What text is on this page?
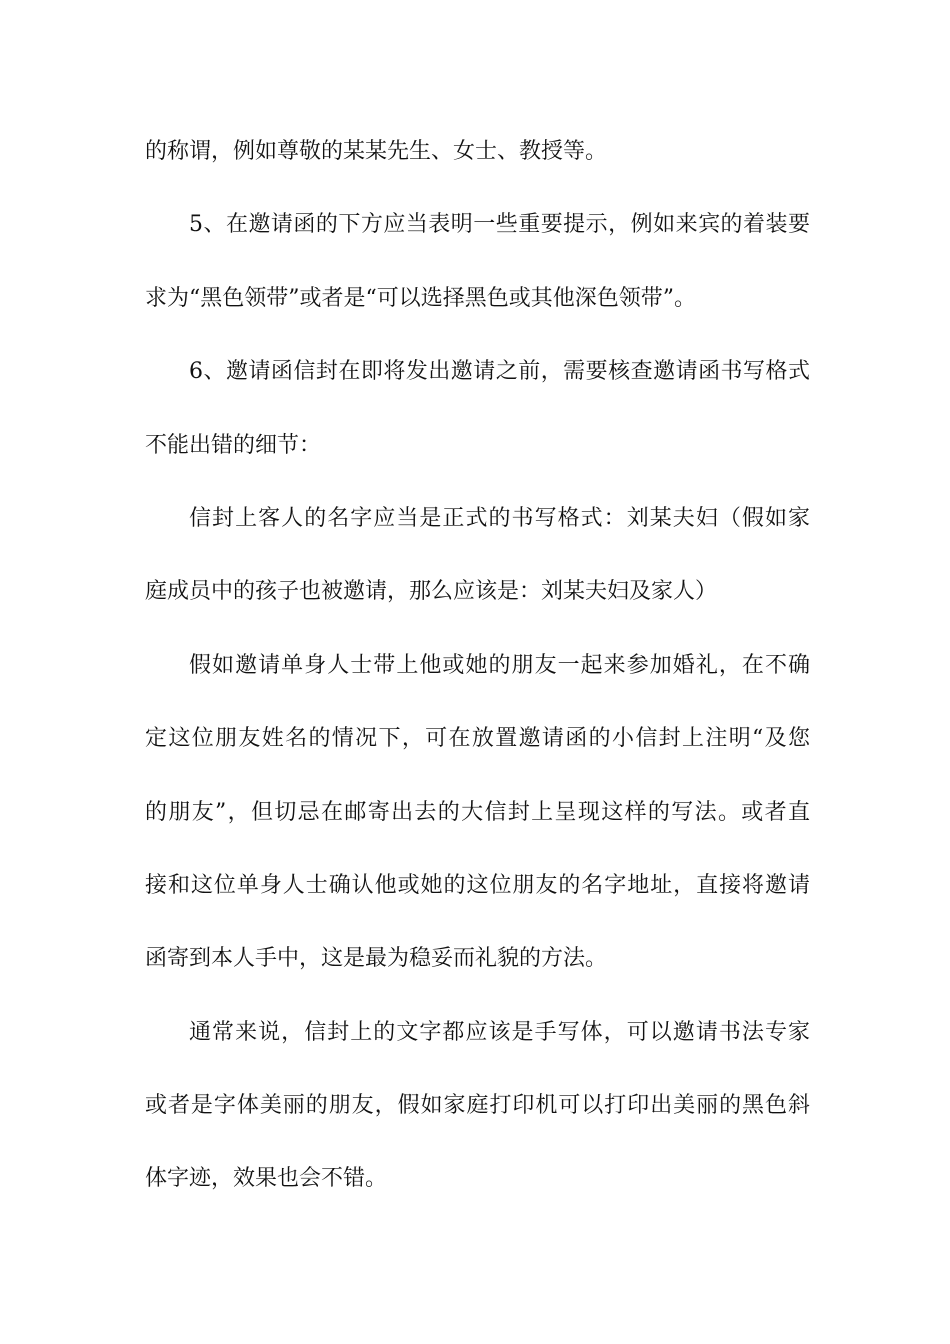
的称谓，例如尊敬的某某先生、女士、教授等。

5、在邀请函的下方应当表明一些重要提示，例如来宾的着装要

求为“黑色领带”或者是“可以选择黑色或其他深色领带”。

6、邀请函信封在即将发出邀请之前，需要核查邀请函书写格式

不能出错的细节：

信封上客人的名字应当是正式的书写格式：刘某夫妇（假如家

庭成员中的孩子也被邀请，那么应该是：刘某夫妇及家人）

假如邀请单身人士带上他或她的朋友一起来参加婚礼，在不确

定这位朋友姓名的情况下，可在放置邀请函的小信封上注明“及您

的朋友”，但切忌在邮寄出去的大信封上呈现这样的写法。或者直

接和这位单身人士确认他或她的这位朋友的名字地址，直接将邀请

函寄到本人手中，这是最为稳妥而礼貌的方法。

通常来说，信封上的文字都应该是手写体，可以邀请书法专家

或者是字体美丽的朋友，假如家庭打印机可以打印出美丽的黑色斜

体字迹，效果也会不错。
